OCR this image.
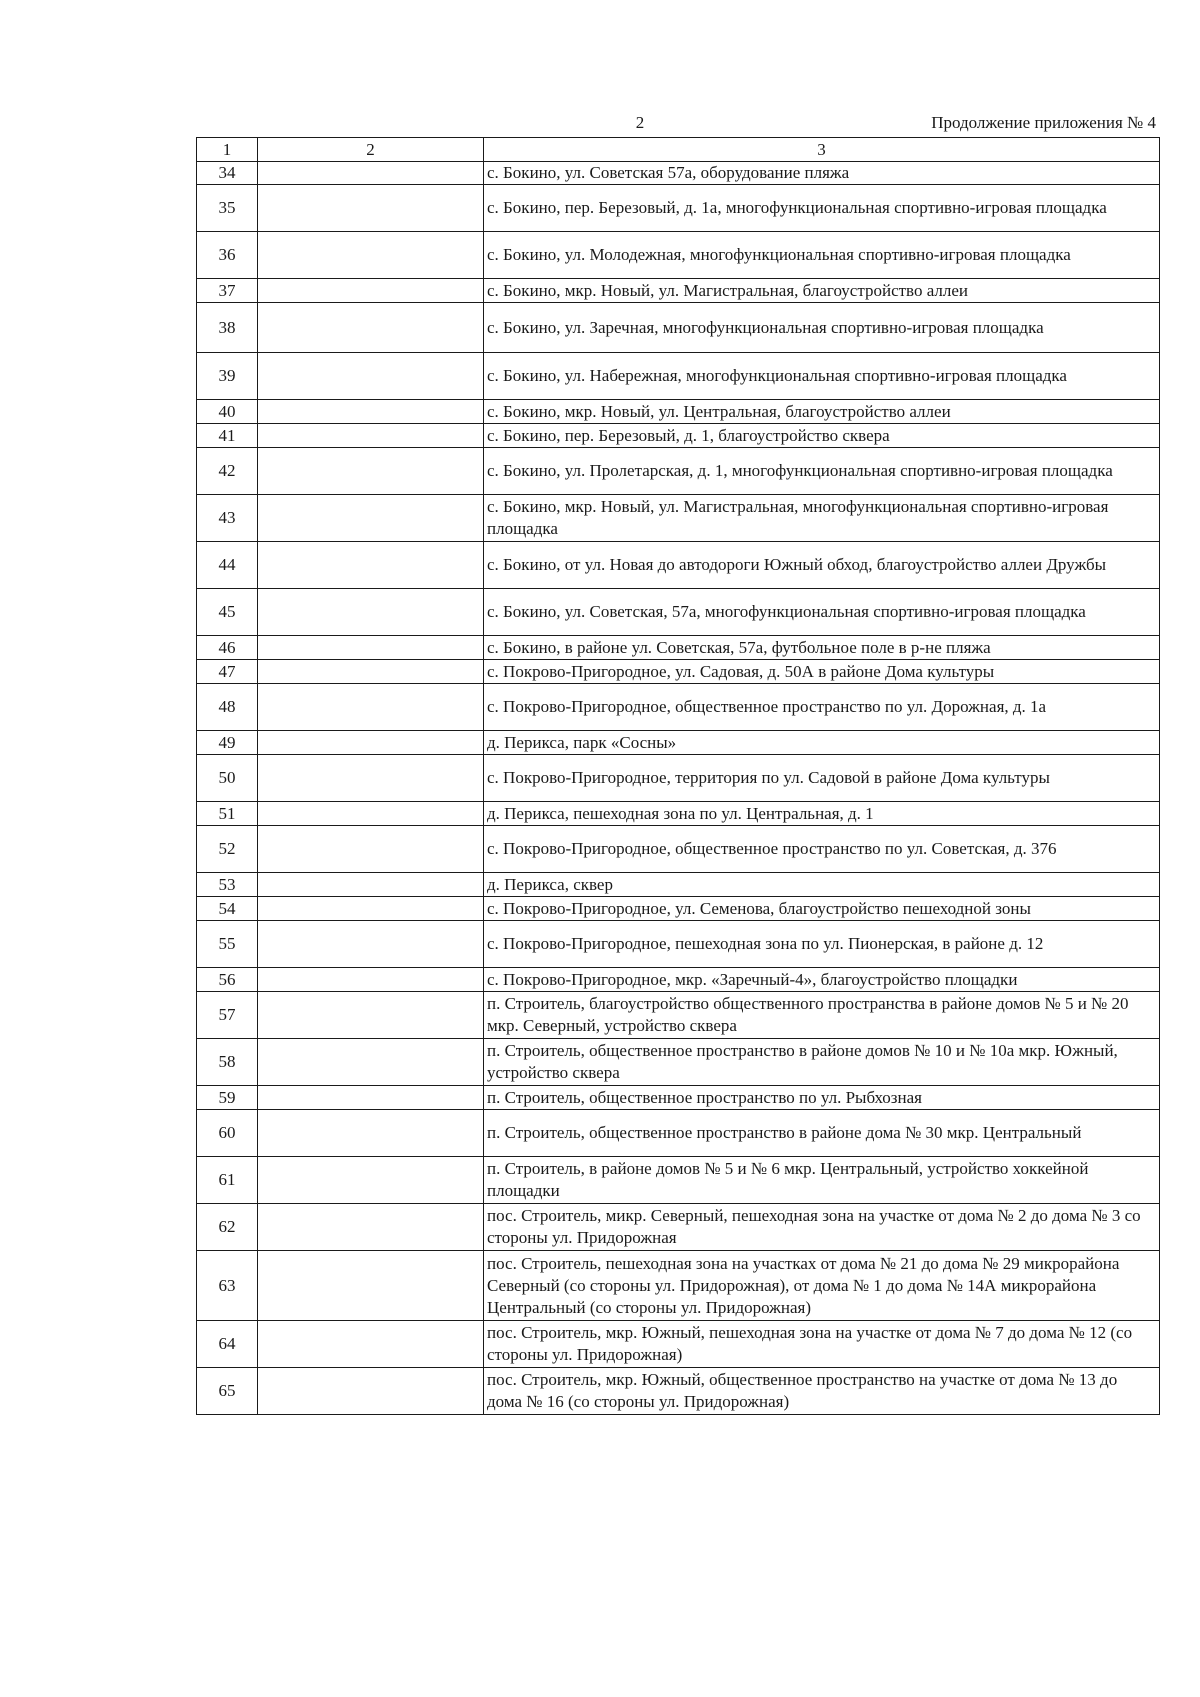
2	Продолжение приложения № 4
1	2	3
34		с. Бокино, ул. Советская 57а, оборудование пляжа
35		с. Бокино, пер. Березовый, д. 1а, многофункциональная спортивно-игровая площадка
36		с. Бокино, ул. Молодежная, многофункциональная спортивно-игровая площадка
37		с. Бокино, мкр. Новый, ул. Магистральная, благоустройство аллеи
38		с. Бокино, ул. Заречная, многофункциональная спортивно-игровая площадка
39		с. Бокино, ул. Набережная, многофункциональная спортивно-игровая площадка
40		с. Бокино, мкр. Новый, ул. Центральная, благоустройство аллеи
41		с. Бокино, пер. Березовый, д. 1, благоустройство сквера
42		с. Бокино, ул. Пролетарская, д. 1, многофункциональная спортивно-игровая площадка
43		с. Бокино, мкр. Новый, ул. Магистральная, многофункциональная спортивно-игровая площадка
44		с. Бокино, от ул. Новая до автодороги Южный обход, благоустройство аллеи Дружбы
45		с. Бокино, ул. Советская, 57а, многофункциональная спортивно-игровая площадка
46		с. Бокино, в районе ул. Советская, 57а, футбольное поле в р-не пляжа
47		с. Покрово-Пригородное, ул. Садовая, д. 50А в районе Дома культуры
48		с. Покрово-Пригородное, общественное пространство по ул. Дорожная, д. 1а
49		д. Перикса, парк «Сосны»
50		с. Покрово-Пригородное, территория по ул. Садовой в районе Дома культуры
51		д. Перикса, пешеходная зона по ул. Центральная, д. 1
52		с. Покрово-Пригородное, общественное пространство по ул. Советская, д. 376
53		д. Перикса, сквер
54		с. Покрово-Пригородное, ул. Семенова, благоустройство пешеходной зоны
55		с. Покрово-Пригородное, пешеходная зона по ул. Пионерская, в районе д. 12
56		с. Покрово-Пригородное, мкр. «Заречный-4», благоустройство площадки
57		п. Строитель, благоустройство общественного пространства в районе домов № 5 и № 20 мкр. Северный, устройство сквера
58		п. Строитель, общественное пространство в районе домов № 10 и № 10а мкр. Южный, устройство сквера
59		п. Строитель, общественное пространство по ул. Рыбхозная
60		п. Строитель, общественное пространство в районе дома № 30 мкр. Центральный
61		п. Строитель, в районе домов № 5 и № 6 мкр. Центральный, устройство хоккейной площадки
62		пос. Строитель, микр. Северный, пешеходная зона на участке от дома № 2 до дома № 3 со стороны ул. Придорожная
63		пос. Строитель, пешеходная зона на участках от дома № 21 до дома № 29 микрорайона Северный (со стороны ул. Придорожная), от дома № 1 до дома № 14А микрорайона Центральный (со стороны ул. Придорожная)
64		пос. Строитель, мкр. Южный, пешеходная зона на участке от дома № 7 до дома № 12 (со стороны ул. Придорожная)
65		пос. Строитель, мкр. Южный, общественное пространство на участке от дома № 13 до дома № 16 (со стороны ул. Придорожная)
